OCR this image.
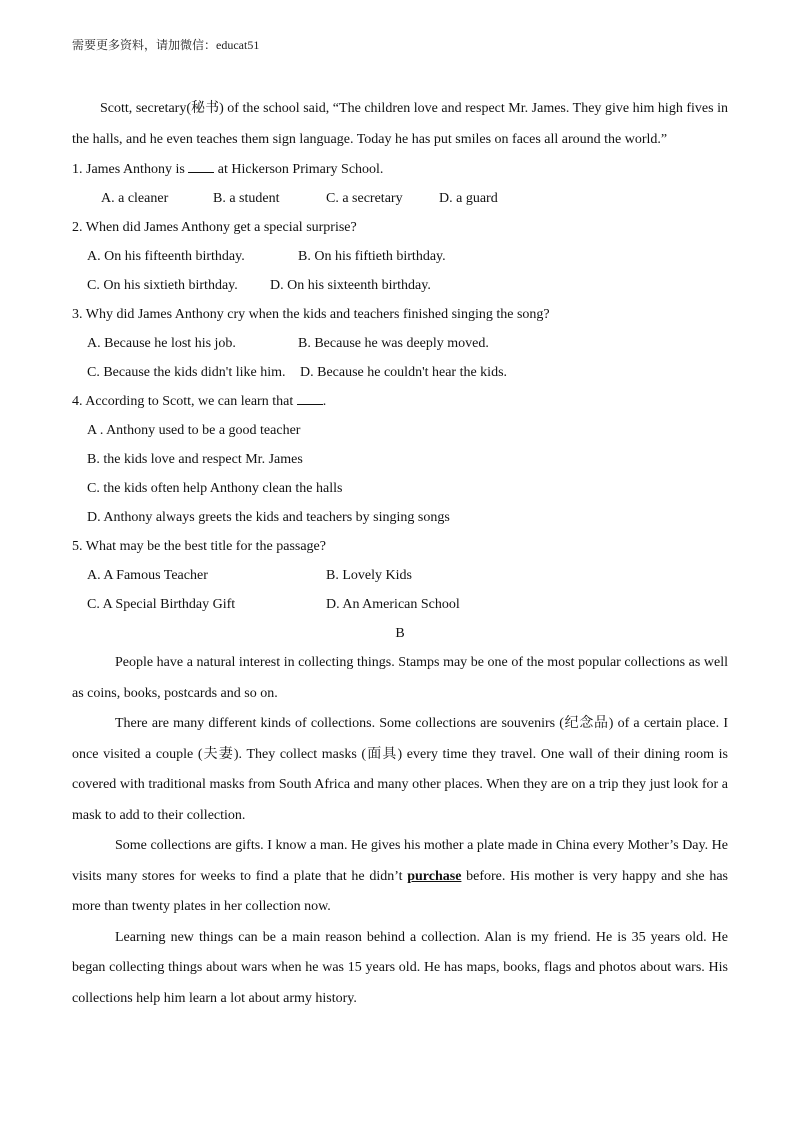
需要更多资料，请加微信：educat51

Scott, secretary(秘书) of the school said, “The children love and respect Mr. James. They give him high fives in the halls, and he even teaches them sign language. Today he has put smiles on faces all around the world.”

1. James Anthony is  at Hickerson Primary School.
A. a cleaner	B. a student	C. a secretary	D. a guard
2. When did James Anthony get a special surprise?
A. On his fifteenth birthday.	B. On his fiftieth birthday.
C. On his sixtieth birthday. D. On his sixteenth birthday.
3. Why did James Anthony cry when the kids and teachers finished singing the song?
A. Because he lost his job.	B. Because he was deeply moved.
C. Because the kids didn't like him. D. Because he couldn't hear the kids.
4. According to Scott, we can learn that .
A . Anthony used to be a good teacher
B. the kids love and respect Mr. James
C. the kids often help Anthony clean the halls
D. Anthony always greets the kids and teachers by singing songs
5. What may be the best title for the passage?
A. A Famous Teacher	B. Lovely Kids
C. A Special Birthday Gift	D. An American School
B

People have a natural interest in collecting things. Stamps may be one of the most popular collections as well as coins, books, postcards and so on.

There are many different kinds of collections. Some collections are souvenirs (纪念品) of a certain place. I once visited a couple (夫妻). They collect masks (面具) every time they travel. One wall of their dining room is covered with traditional masks from South Africa and many other places. When they are on a trip they just look for a mask to add to their collection.

Some collections are gifts. I know a man. He gives his mother a plate made in China every Mother’s Day. He visits many stores for weeks to find a plate that he didn’t purchase before. His mother is very happy and she has more than twenty plates in her collection now.

Learning new things can be a main reason behind a collection. Alan is my friend. He is 35 years old. He began collecting things about wars when he was 15 years old. He has maps, books, flags and photos about wars. His collections help him learn a lot about army history.
